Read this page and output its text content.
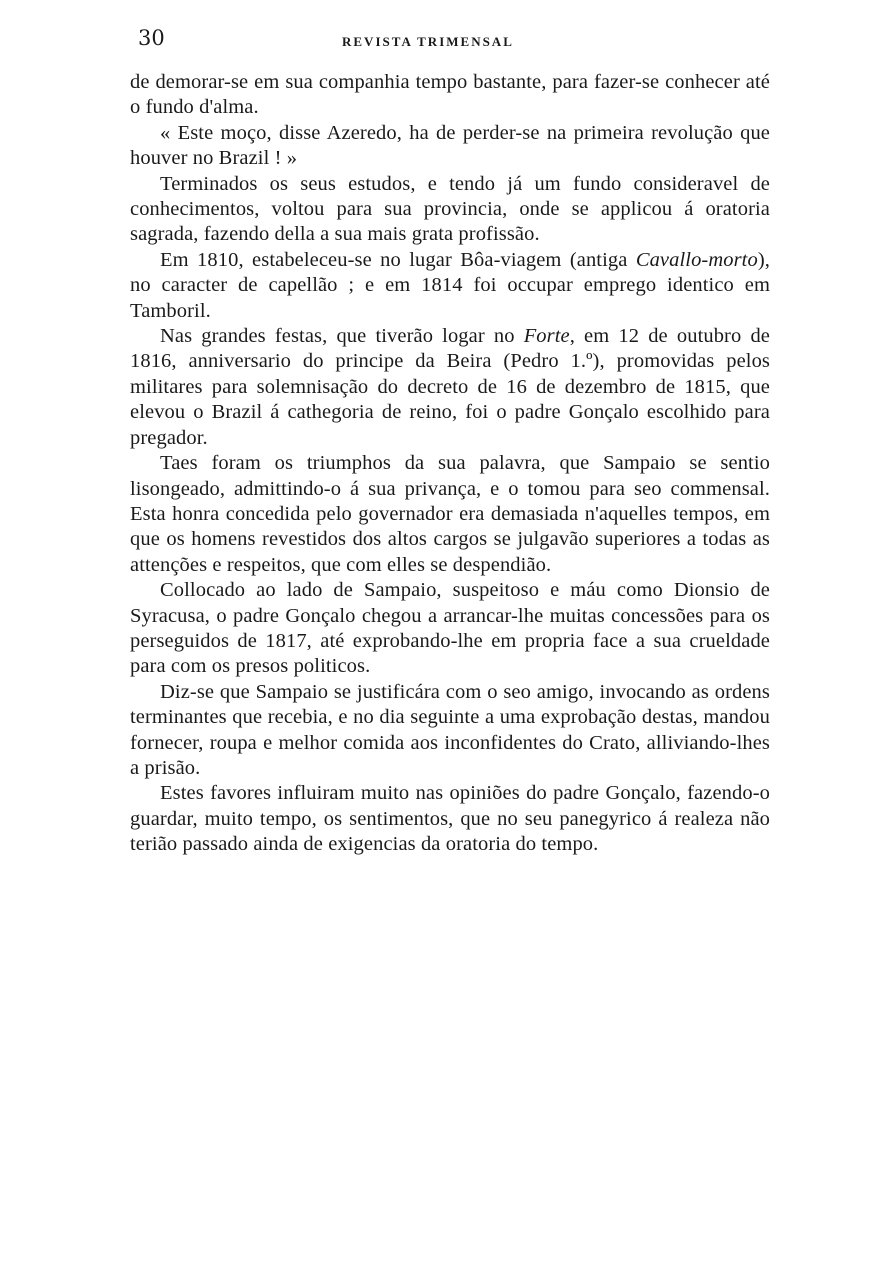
30	REVISTA TRIMENSAL

de demorar-se em sua companhia tempo bastante, para fazer-se conhecer até o fundo d'alma.

« Este moço, disse Azeredo, ha de perder-se na primeira revolução que houver no Brazil ! »

Terminados os seus estudos, e tendo já um fundo consideravel de conhecimentos, voltou para sua provincia, onde se applicou á oratoria sagrada, fazendo della a sua mais grata profissão.

Em 1810, estabeleceu-se no lugar Bôa-viagem (antiga Cavallo-morto), no caracter de capellão ; e em 1814 foi occupar emprego identico em Tamboril.

Nas grandes festas, que tiverão logar no Forte, em 12 de outubro de 1816, anniversario do principe da Beira (Pedro 1.º), promovidas pelos militares para solemnisação do decreto de 16 de dezembro de 1815, que elevou o Brazil á cathegoria de reino, foi o padre Gonçalo escolhido para pregador.

Taes foram os triumphos da sua palavra, que Sampaio se sentio lisongeado, admittindo-o á sua privança, e o tomou para seo commensal. Esta honra concedida pelo governador era demasiada n'aquelles tempos, em que os homens revestidos dos altos cargos se julgavão superiores a todas as attenções e respeitos, que com elles se despendião.

Collocado ao lado de Sampaio, suspeitoso e máu como Dionsio de Syracusa, o padre Gonçalo chegou a arrancar-lhe muitas concessões para os perseguidos de 1817, até exprobando-lhe em propria face a sua crueldade para com os presos politicos.

Diz-se que Sampaio se justificára com o seo amigo, invocando as ordens terminantes que recebia, e no dia seguinte a uma exprobação destas, mandou fornecer, roupa e melhor comida aos inconfidentes do Crato, alliviando-lhes a prisão.

Estes favores influiram muito nas opiniões do padre Gonçalo, fazendo-o guardar, muito tempo, os sentimentos, que no seu panegyrico á realeza não terião passado ainda de exigencias da oratoria do tempo.
